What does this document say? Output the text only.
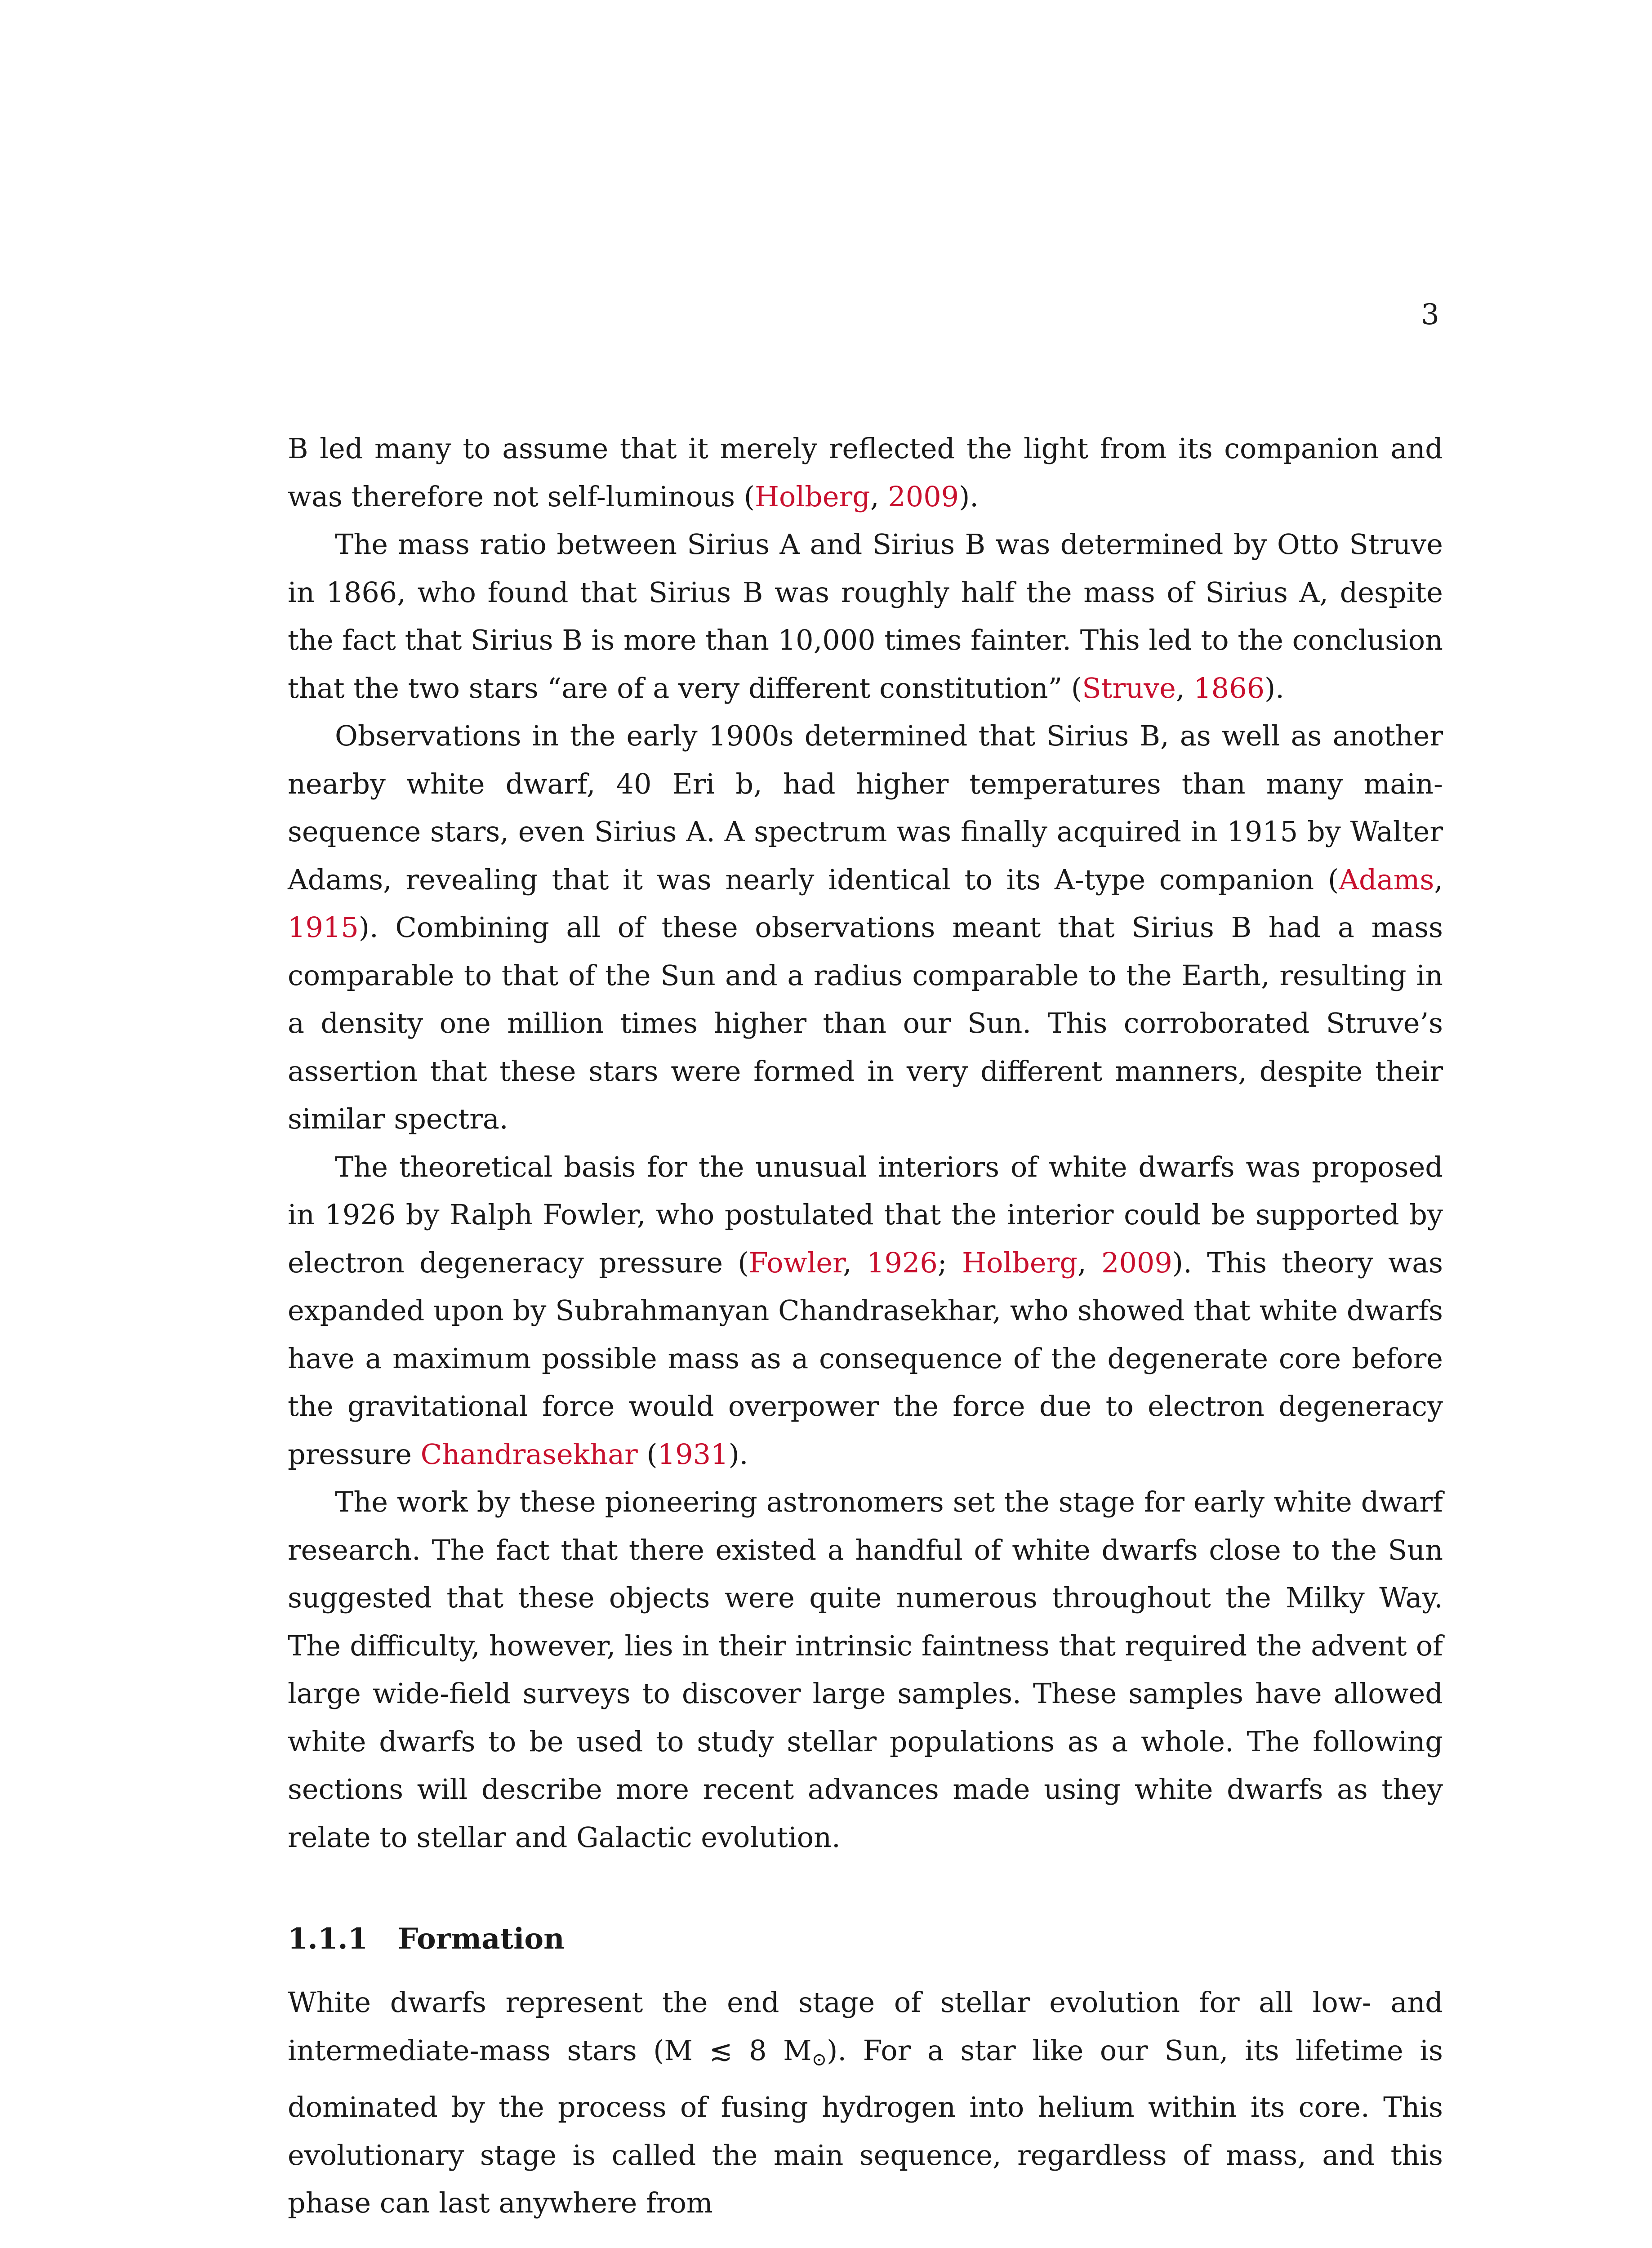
3

B led many to assume that it merely reflected the light from its companion and was therefore not self-luminous (Holberg, 2009).

The mass ratio between Sirius A and Sirius B was determined by Otto Struve in 1866, who found that Sirius B was roughly half the mass of Sirius A, despite the fact that Sirius B is more than 10,000 times fainter. This led to the conclusion that the two stars “are of a very different constitution” (Struve, 1866).

Observations in the early 1900s determined that Sirius B, as well as another nearby white dwarf, 40 Eri b, had higher temperatures than many main-sequence stars, even Sirius A. A spectrum was finally acquired in 1915 by Walter Adams, revealing that it was nearly identical to its A-type companion (Adams, 1915). Combining all of these observations meant that Sirius B had a mass comparable to that of the Sun and a radius comparable to the Earth, resulting in a density one million times higher than our Sun. This corroborated Struve’s assertion that these stars were formed in very different manners, despite their similar spectra.

The theoretical basis for the unusual interiors of white dwarfs was proposed in 1926 by Ralph Fowler, who postulated that the interior could be supported by electron degeneracy pressure (Fowler, 1926; Holberg, 2009). This theory was expanded upon by Subrahmanyan Chandrasekhar, who showed that white dwarfs have a maximum possible mass as a consequence of the degenerate core before the gravitational force would overpower the force due to electron degeneracy pressure Chandrasekhar (1931).

The work by these pioneering astronomers set the stage for early white dwarf research. The fact that there existed a handful of white dwarfs close to the Sun suggested that these objects were quite numerous throughout the Milky Way. The difficulty, however, lies in their intrinsic faintness that required the advent of large wide-field surveys to discover large samples. These samples have allowed white dwarfs to be used to study stellar populations as a whole. The following sections will describe more recent advances made using white dwarfs as they relate to stellar and Galactic evolution.

1.1.1 Formation

White dwarfs represent the end stage of stellar evolution for all low- and intermediate-mass stars (M ≲ 8 $M_⊙$). For a star like our Sun, its lifetime is dominated by the process of fusing hydrogen into helium within its core. This evolutionary stage is called the main sequence, regardless of mass, and this phase can last anywhere from
